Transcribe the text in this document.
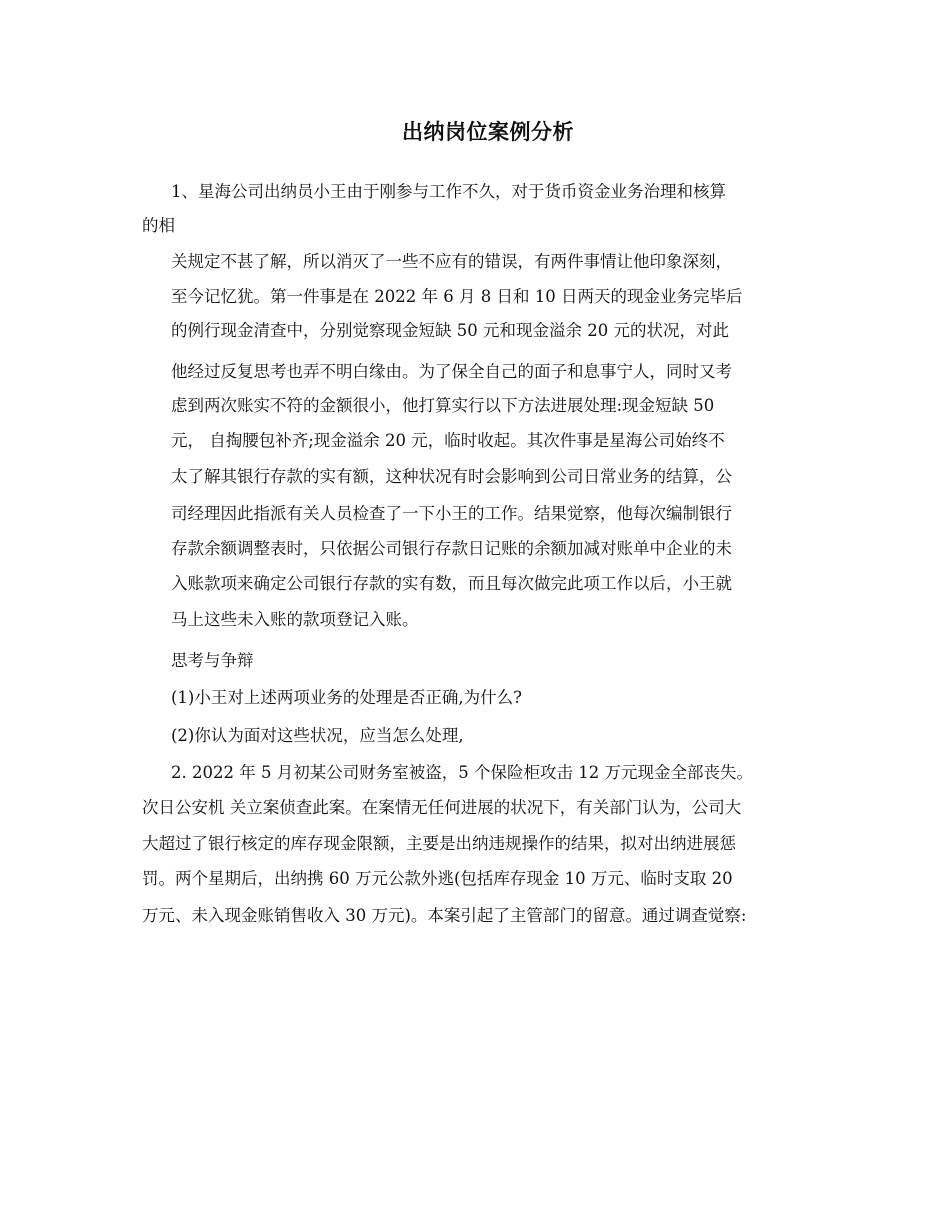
出纳岗位案例分析
1、星海公司出纳员小王由于刚参与工作不久，对于货币资金业务治理和核算
的相
关规定不甚了解，所以消灭了一些不应有的错误，有两件事情让他印象深刻，
至今记忆犹。第一件事是在 2022 年 6 月 8 日和 10 日两天的现金业务完毕后
的例行现金清查中，分别觉察现金短缺 50 元和现金溢余 20 元的状况，对此
他经过反复思考也弄不明白缘由。为了保全自己的面子和息事宁人，同时又考
虑到两次账实不符的金额很小，他打算实行以下方法进展处理:现金短缺 50
元， 自掏腰包补齐;现金溢余 20 元，临时收起。其次件事是星海公司始终不
太了解其银行存款的实有额，这种状况有时会影响到公司日常业务的结算，公
司经理因此指派有关人员检查了一下小王的工作。结果觉察，他每次编制银行
存款余额调整表时，只依据公司银行存款日记账的余额加减对账单中企业的未
入账款项来确定公司银行存款的实有数，而且每次做完此项工作以后，小王就
马上这些未入账的款项登记入账。
思考与争辩
(1)小王对上述两项业务的处理是否正确,为什么?
(2)你认为面对这些状况，应当怎么处理,
2. 2022 年 5 月初某公司财务室被盗，5 个保险柜攻击 12 万元现金全部丧失。
次日公安机 关立案侦查此案。在案情无任何进展的状况下，有关部门认为，公司大
大超过了银行核定的库存现金限额，主要是出纳违规操作的结果，拟对出纳进展惩
罚。两个星期后，出纳携 60 万元公款外逃(包括库存现金 10 万元、临时支取 20
万元、未入现金账销售收入 30 万元)。本案引起了主管部门的留意。通过调查觉察:
